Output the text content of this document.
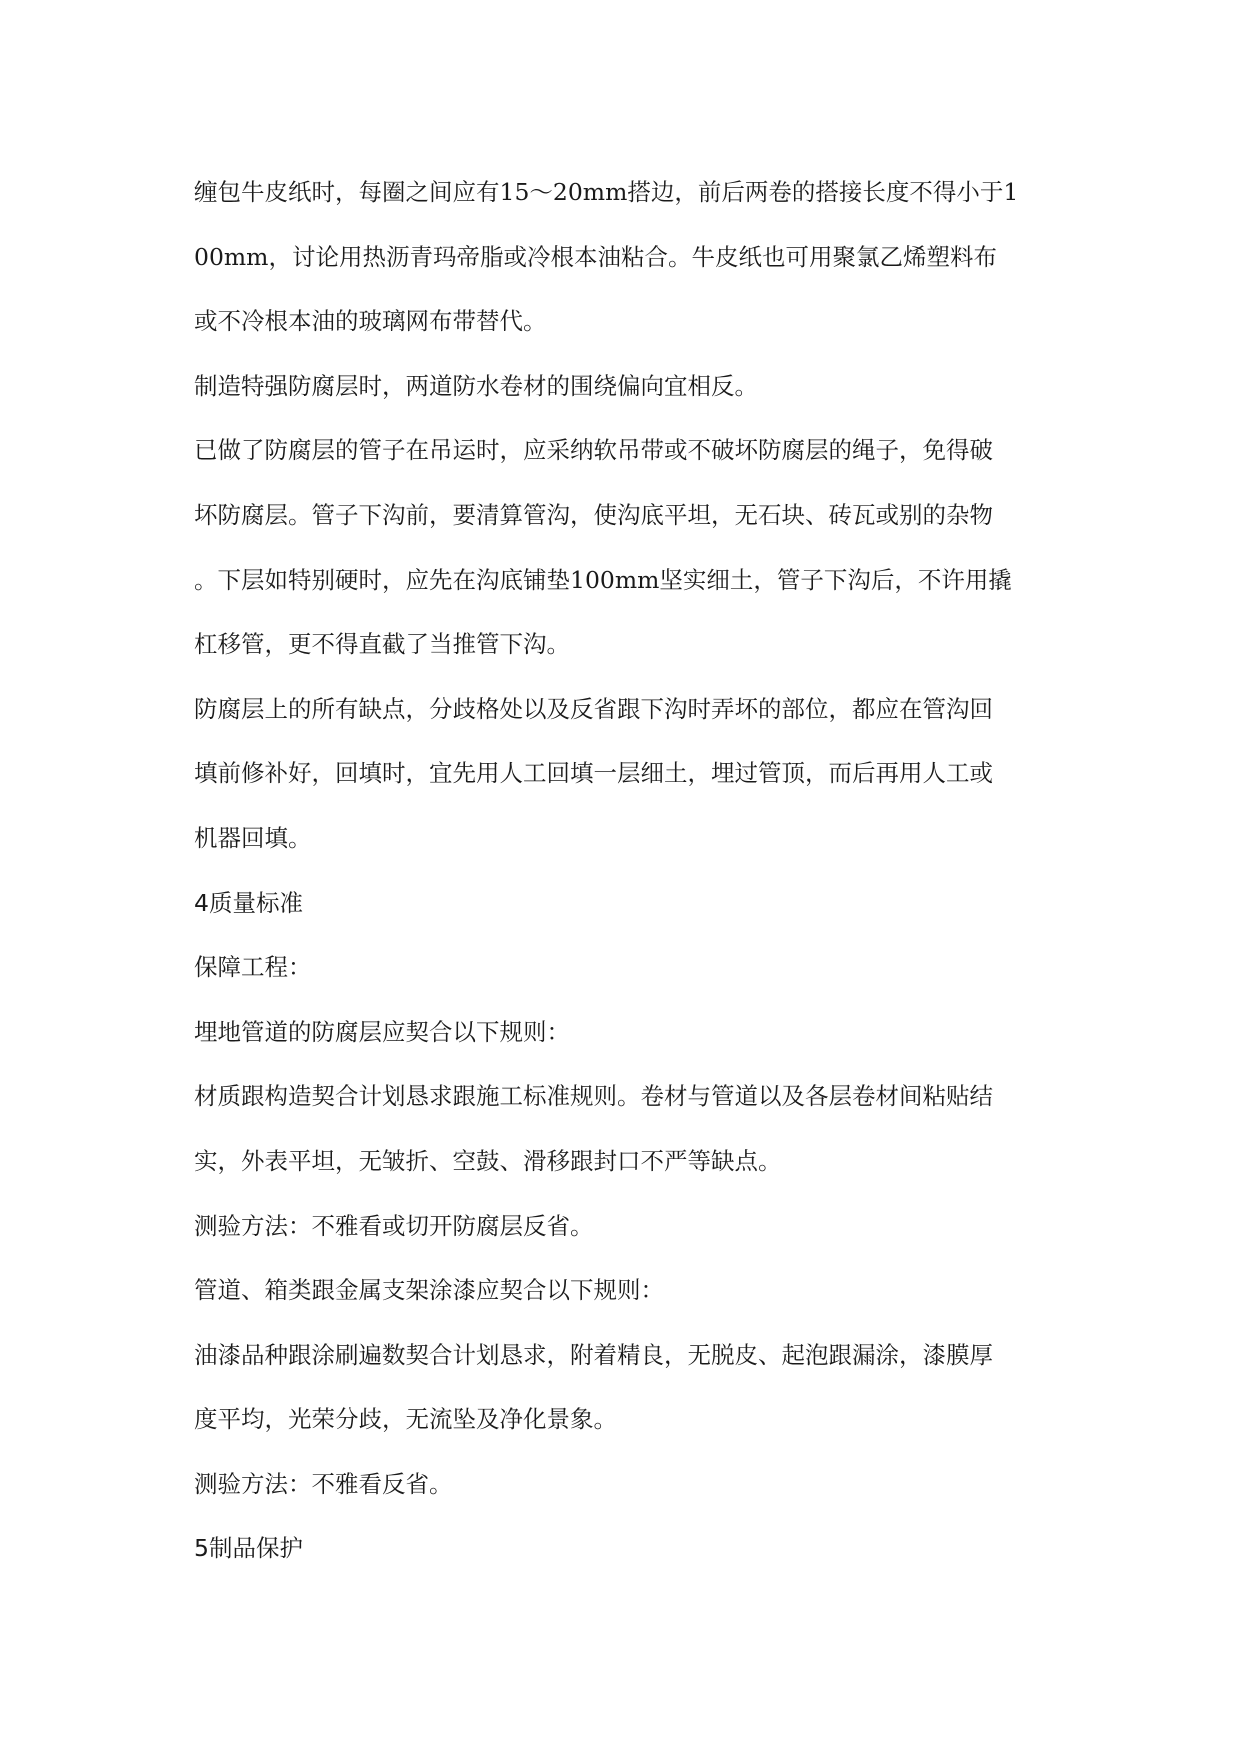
缠包牛皮纸时，每圈之间应有15～20mm搭边，前后两卷的搭接长度不得小于1
00mm，讨论用热沥青玛帝脂或冷根本油粘合。牛皮纸也可用聚氯乙烯塑料布
或不冷根本油的玻璃网布带替代。
制造特强防腐层时，两道防水卷材的围绕偏向宜相反。
已做了防腐层的管子在吊运时，应采纳软吊带或不破坏防腐层的绳子，免得破
坏防腐层。管子下沟前，要清算管沟，使沟底平坦，无石块、砖瓦或别的杂物
。下层如特别硬时，应先在沟底铺垫100mm坚实细土，管子下沟后，不许用撬
杠移管，更不得直截了当推管下沟。
防腐层上的所有缺点，分歧格处以及反省跟下沟时弄坏的部位，都应在管沟回
填前修补好，回填时，宜先用人工回填一层细土，埋过管顶，而后再用人工或
机器回填。
4质量标准
保障工程：
埋地管道的防腐层应契合以下规则：
材质跟构造契合计划恳求跟施工标准规则。卷材与管道以及各层卷材间粘贴结
实，外表平坦，无皱折、空鼓、滑移跟封口不严等缺点。
测验方法：不雅看或切开防腐层反省。
管道、箱类跟金属支架涂漆应契合以下规则：
油漆品种跟涂刷遍数契合计划恳求，附着精良，无脱皮、起泡跟漏涂，漆膜厚
度平均，光荣分歧，无流坠及净化景象。
测验方法：不雅看反省。
5制品保护
